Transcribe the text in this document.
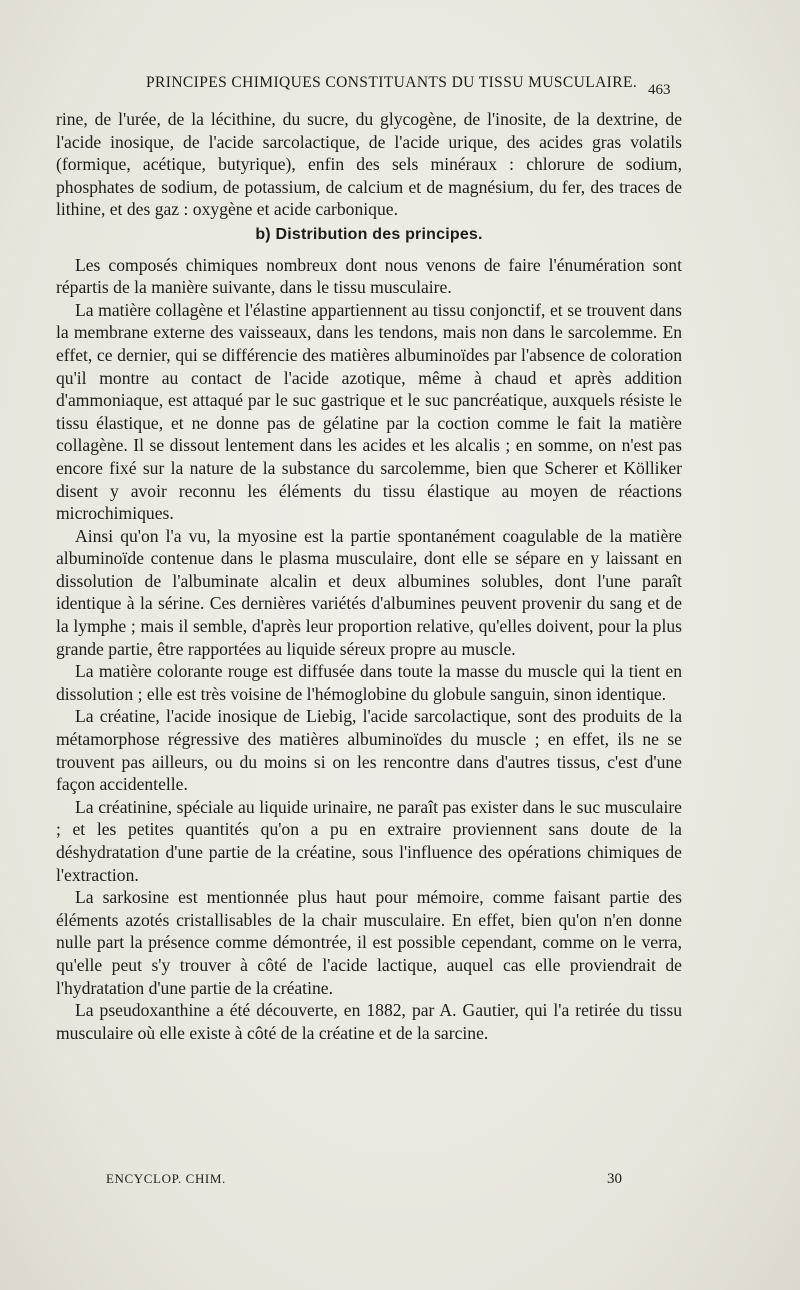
PRINCIPES CHIMIQUES CONSTITUANTS DU TISSU MUSCULAIRE. 463

rine, de l'urée, de la lécithine, du sucre, du glycogène, de l'inosite, de la dextrine, de l'acide inosique, de l'acide sarcolactique, de l'acide urique, des acides gras volatils (formique, acétique, butyrique), enfin des sels minéraux : chlorure de sodium, phosphates de sodium, de potassium, de calcium et de magnésium, du fer, des traces de lithine, et des gaz : oxygène et acide carbonique.

b) Distribution des principes.

Les composés chimiques nombreux dont nous venons de faire l'énumération sont répartis de la manière suivante, dans le tissu musculaire.

La matière collagène et l'élastine appartiennent au tissu conjonctif, et se trouvent dans la membrane externe des vaisseaux, dans les tendons, mais non dans le sarcolemme. En effet, ce dernier, qui se différencie des matières albuminoïdes par l'absence de coloration qu'il montre au contact de l'acide azotique, même à chaud et après addition d'ammoniaque, est attaqué par le suc gastrique et le suc pancréatique, auxquels résiste le tissu élastique, et ne donne pas de gélatine par la coction comme le fait la matière collagène. Il se dissout lentement dans les acides et les alcalis ; en somme, on n'est pas encore fixé sur la nature de la substance du sarcolemme, bien que Scherer et Kölliker disent y avoir reconnu les éléments du tissu élastique au moyen de réactions microchimiques.

Ainsi qu'on l'a vu, la myosine est la partie spontanément coagulable de la matière albuminoïde contenue dans le plasma musculaire, dont elle se sépare en y laissant en dissolution de l'albuminate alcalin et deux albumines solubles, dont l'une paraît identique à la sérine. Ces dernières variétés d'albumines peuvent provenir du sang et de la lymphe ; mais il semble, d'après leur proportion relative, qu'elles doivent, pour la plus grande partie, être rapportées au liquide séreux propre au muscle.

La matière colorante rouge est diffusée dans toute la masse du muscle qui la tient en dissolution ; elle est très voisine de l'hémoglobine du globule sanguin, sinon identique.

La créatine, l'acide inosique de Liebig, l'acide sarcolactique, sont des produits de la métamorphose régressive des matières albuminoïdes du muscle ; en effet, ils ne se trouvent pas ailleurs, ou du moins si on les rencontre dans d'autres tissus, c'est d'une façon accidentelle.

La créatinine, spéciale au liquide urinaire, ne paraît pas exister dans le suc musculaire ; et les petites quantités qu'on a pu en extraire proviennent sans doute de la déshydratation d'une partie de la créatine, sous l'influence des opérations chimiques de l'extraction.

La sarkosine est mentionnée plus haut pour mémoire, comme faisant partie des éléments azotés cristallisables de la chair musculaire. En effet, bien qu'on n'en donne nulle part la présence comme démontrée, il est possible cependant, comme on le verra, qu'elle peut s'y trouver à côté de l'acide lactique, auquel cas elle proviendrait de l'hydratation d'une partie de la créatine.

La pseudoxanthine a été découverte, en 1882, par A. Gautier, qui l'a retirée du tissu musculaire où elle existe à côté de la créatine et de la sarcine.

ENCYCLOP. CHIM.	30
